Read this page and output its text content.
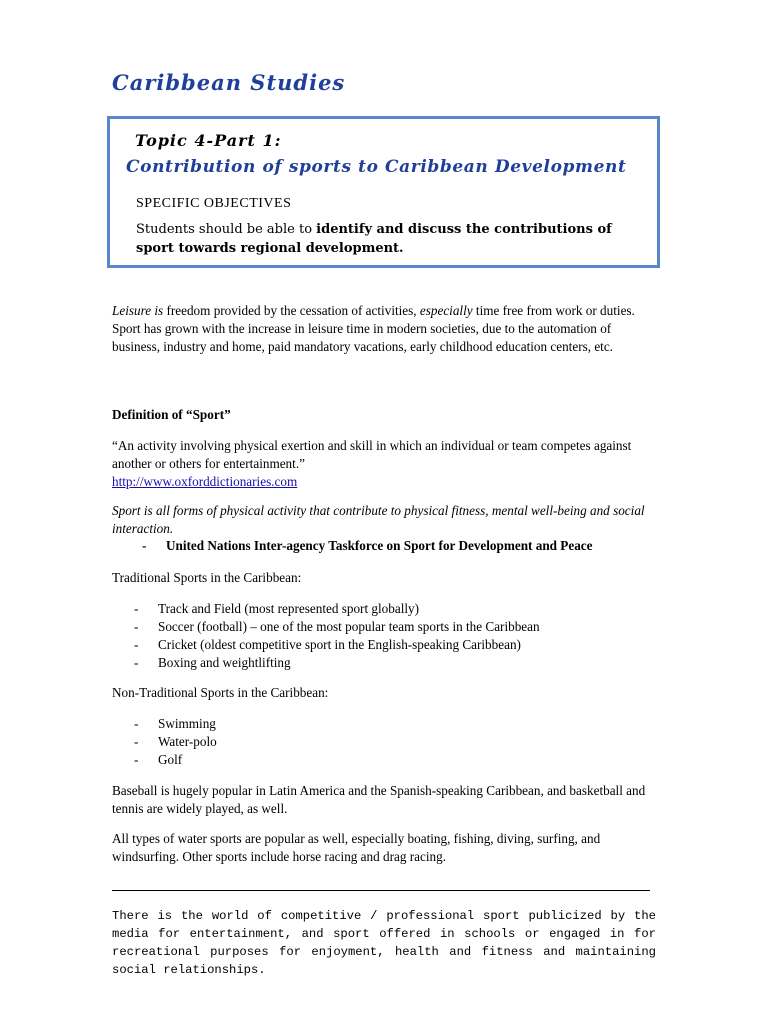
Caribbean Studies
Topic 4-Part 1:
Contribution of sports to Caribbean Development
SPECIFIC OBJECTIVES
Students should be able to identify and discuss the contributions of sport towards regional development.

Leisure is freedom provided by the cessation of activities, especially time free from work or duties. Sport has grown with the increase in leisure time in modern societies, due to the automation of business, industry and home, paid mandatory vacations, early childhood education centers, etc.

Definition of “Sport”

“An activity involving physical exertion and skill in which an individual or team competes against another or others for entertainment.”
http://www.oxforddictionaries.com

Sport is all forms of physical activity that contribute to physical fitness, mental well-being and social interaction.

- United Nations Inter-agency Taskforce on Sport for Development and Peace

Traditional Sports in the Caribbean:

- Track and Field (most represented sport globally)
- Soccer (football) – one of the most popular team sports in the Caribbean
- Cricket (oldest competitive sport in the English-speaking Caribbean)
- Boxing and weightlifting

Non-Traditional Sports in the Caribbean:

- Swimming
- Water-polo
- Golf

Baseball is hugely popular in Latin America and the Spanish-speaking Caribbean, and basketball and tennis are widely played, as well.

All types of water sports are popular as well, especially boating, fishing, diving, surfing, and windsurfing. Other sports include horse racing and drag racing.

There is the world of competitive / professional sport publicized by the media for entertainment, and sport offered in schools or engaged in for recreational purposes for enjoyment, health and fitness and maintaining social relationships.
